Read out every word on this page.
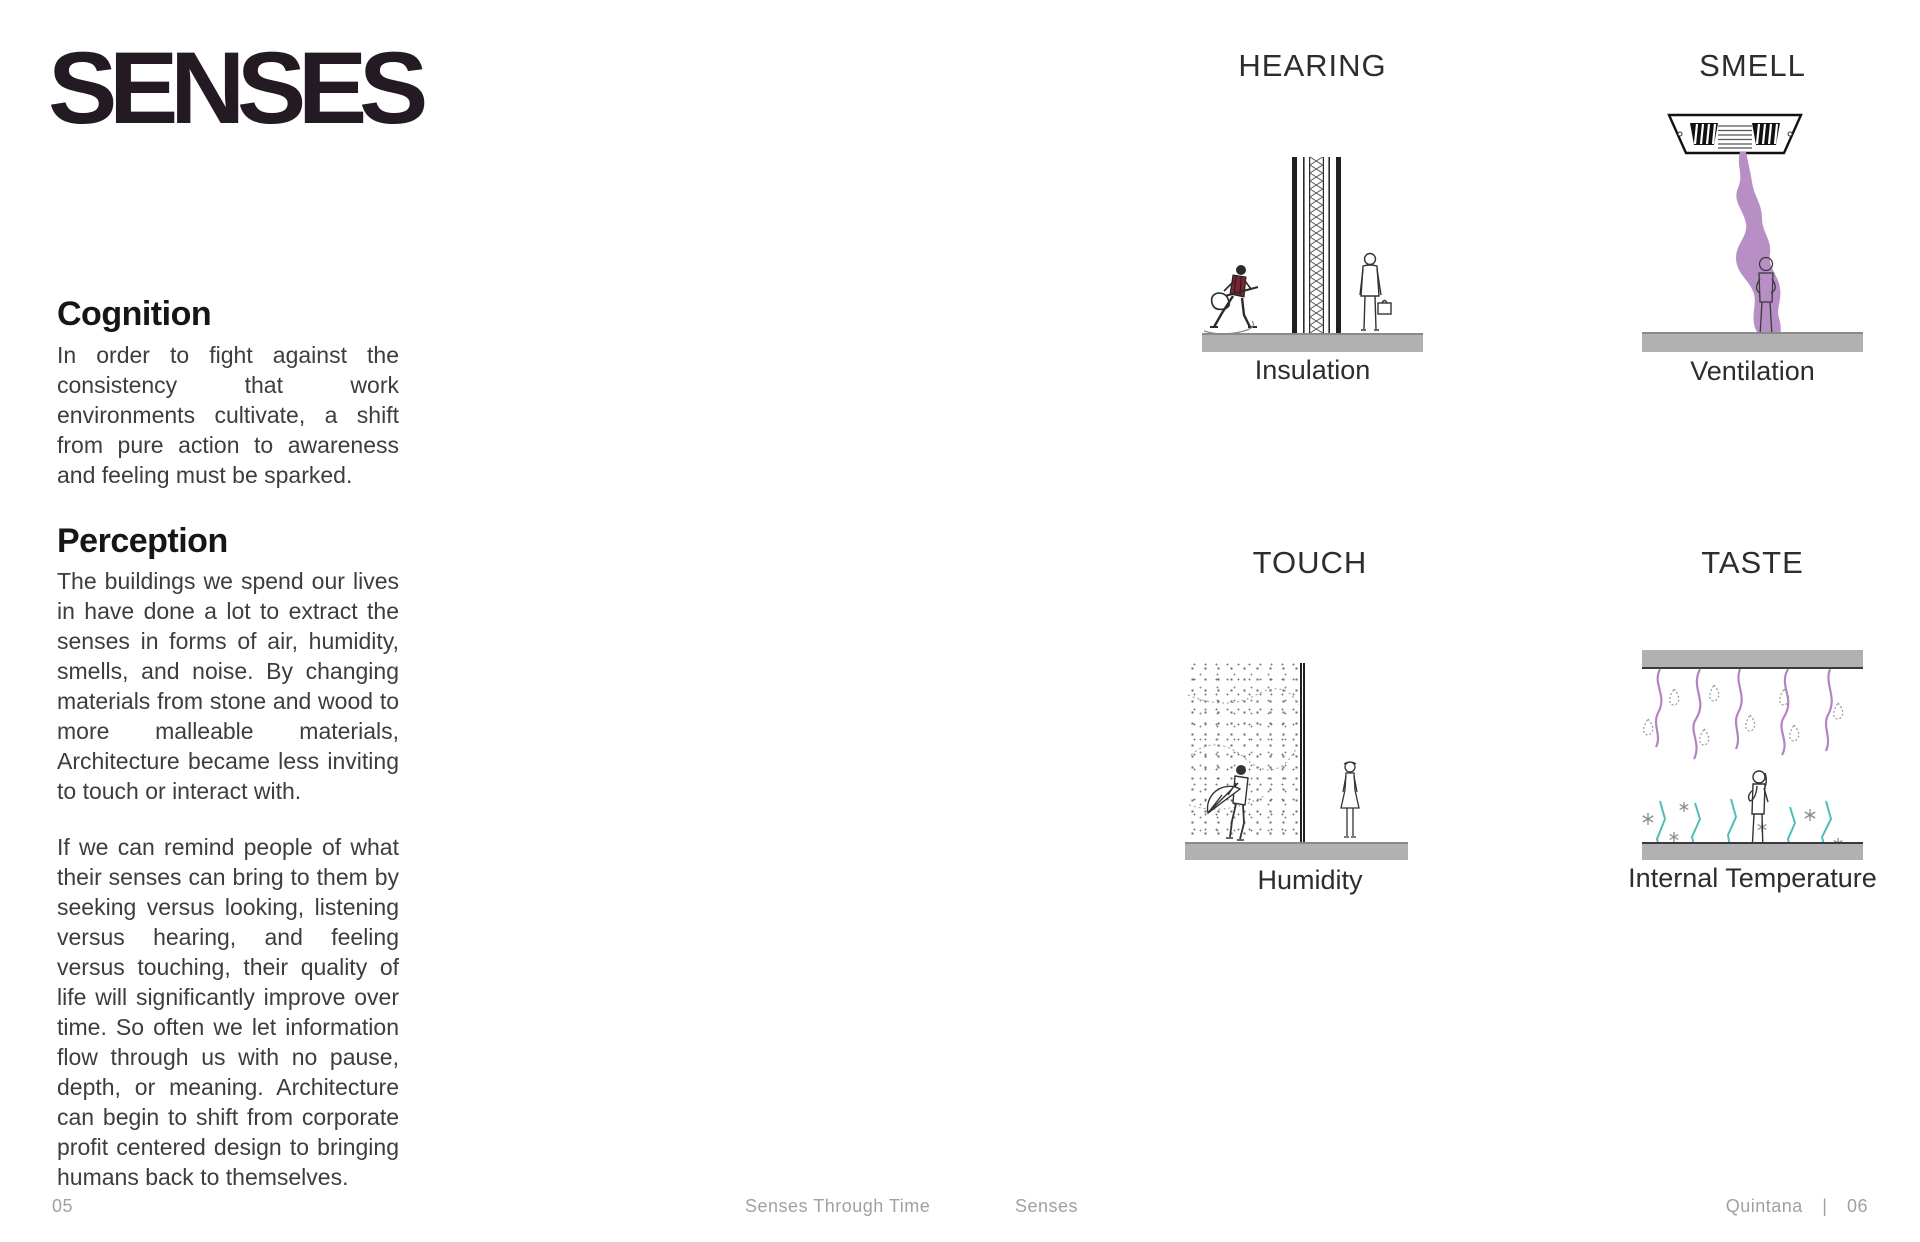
SENSES
Cognition
In order to fight against the consistency that work environments cultivate, a shift from pure action to awareness and feeling must be sparked.
Perception
The buildings we spend our lives in have done a lot to extract the senses in forms of air, humidity, smells, and noise. By changing materials from stone and wood to more malleable materials, Architecture became less inviting to touch or interact with.
If we can remind people of what their senses can bring to them by seeking versus looking, listening versus hearing, and feeling versus touching, their quality of life will significantly improve over time. So often we let information flow through us with no pause, depth, or meaning. Architecture can begin to shift from corporate profit centered design to bringing humans back to themselves.
HEARING
Insulation
SMELL
Ventilation
TOUCH
Humidity
TASTE
Internal Temperature
05	Senses Through Time	Senses	Quintana | 06
